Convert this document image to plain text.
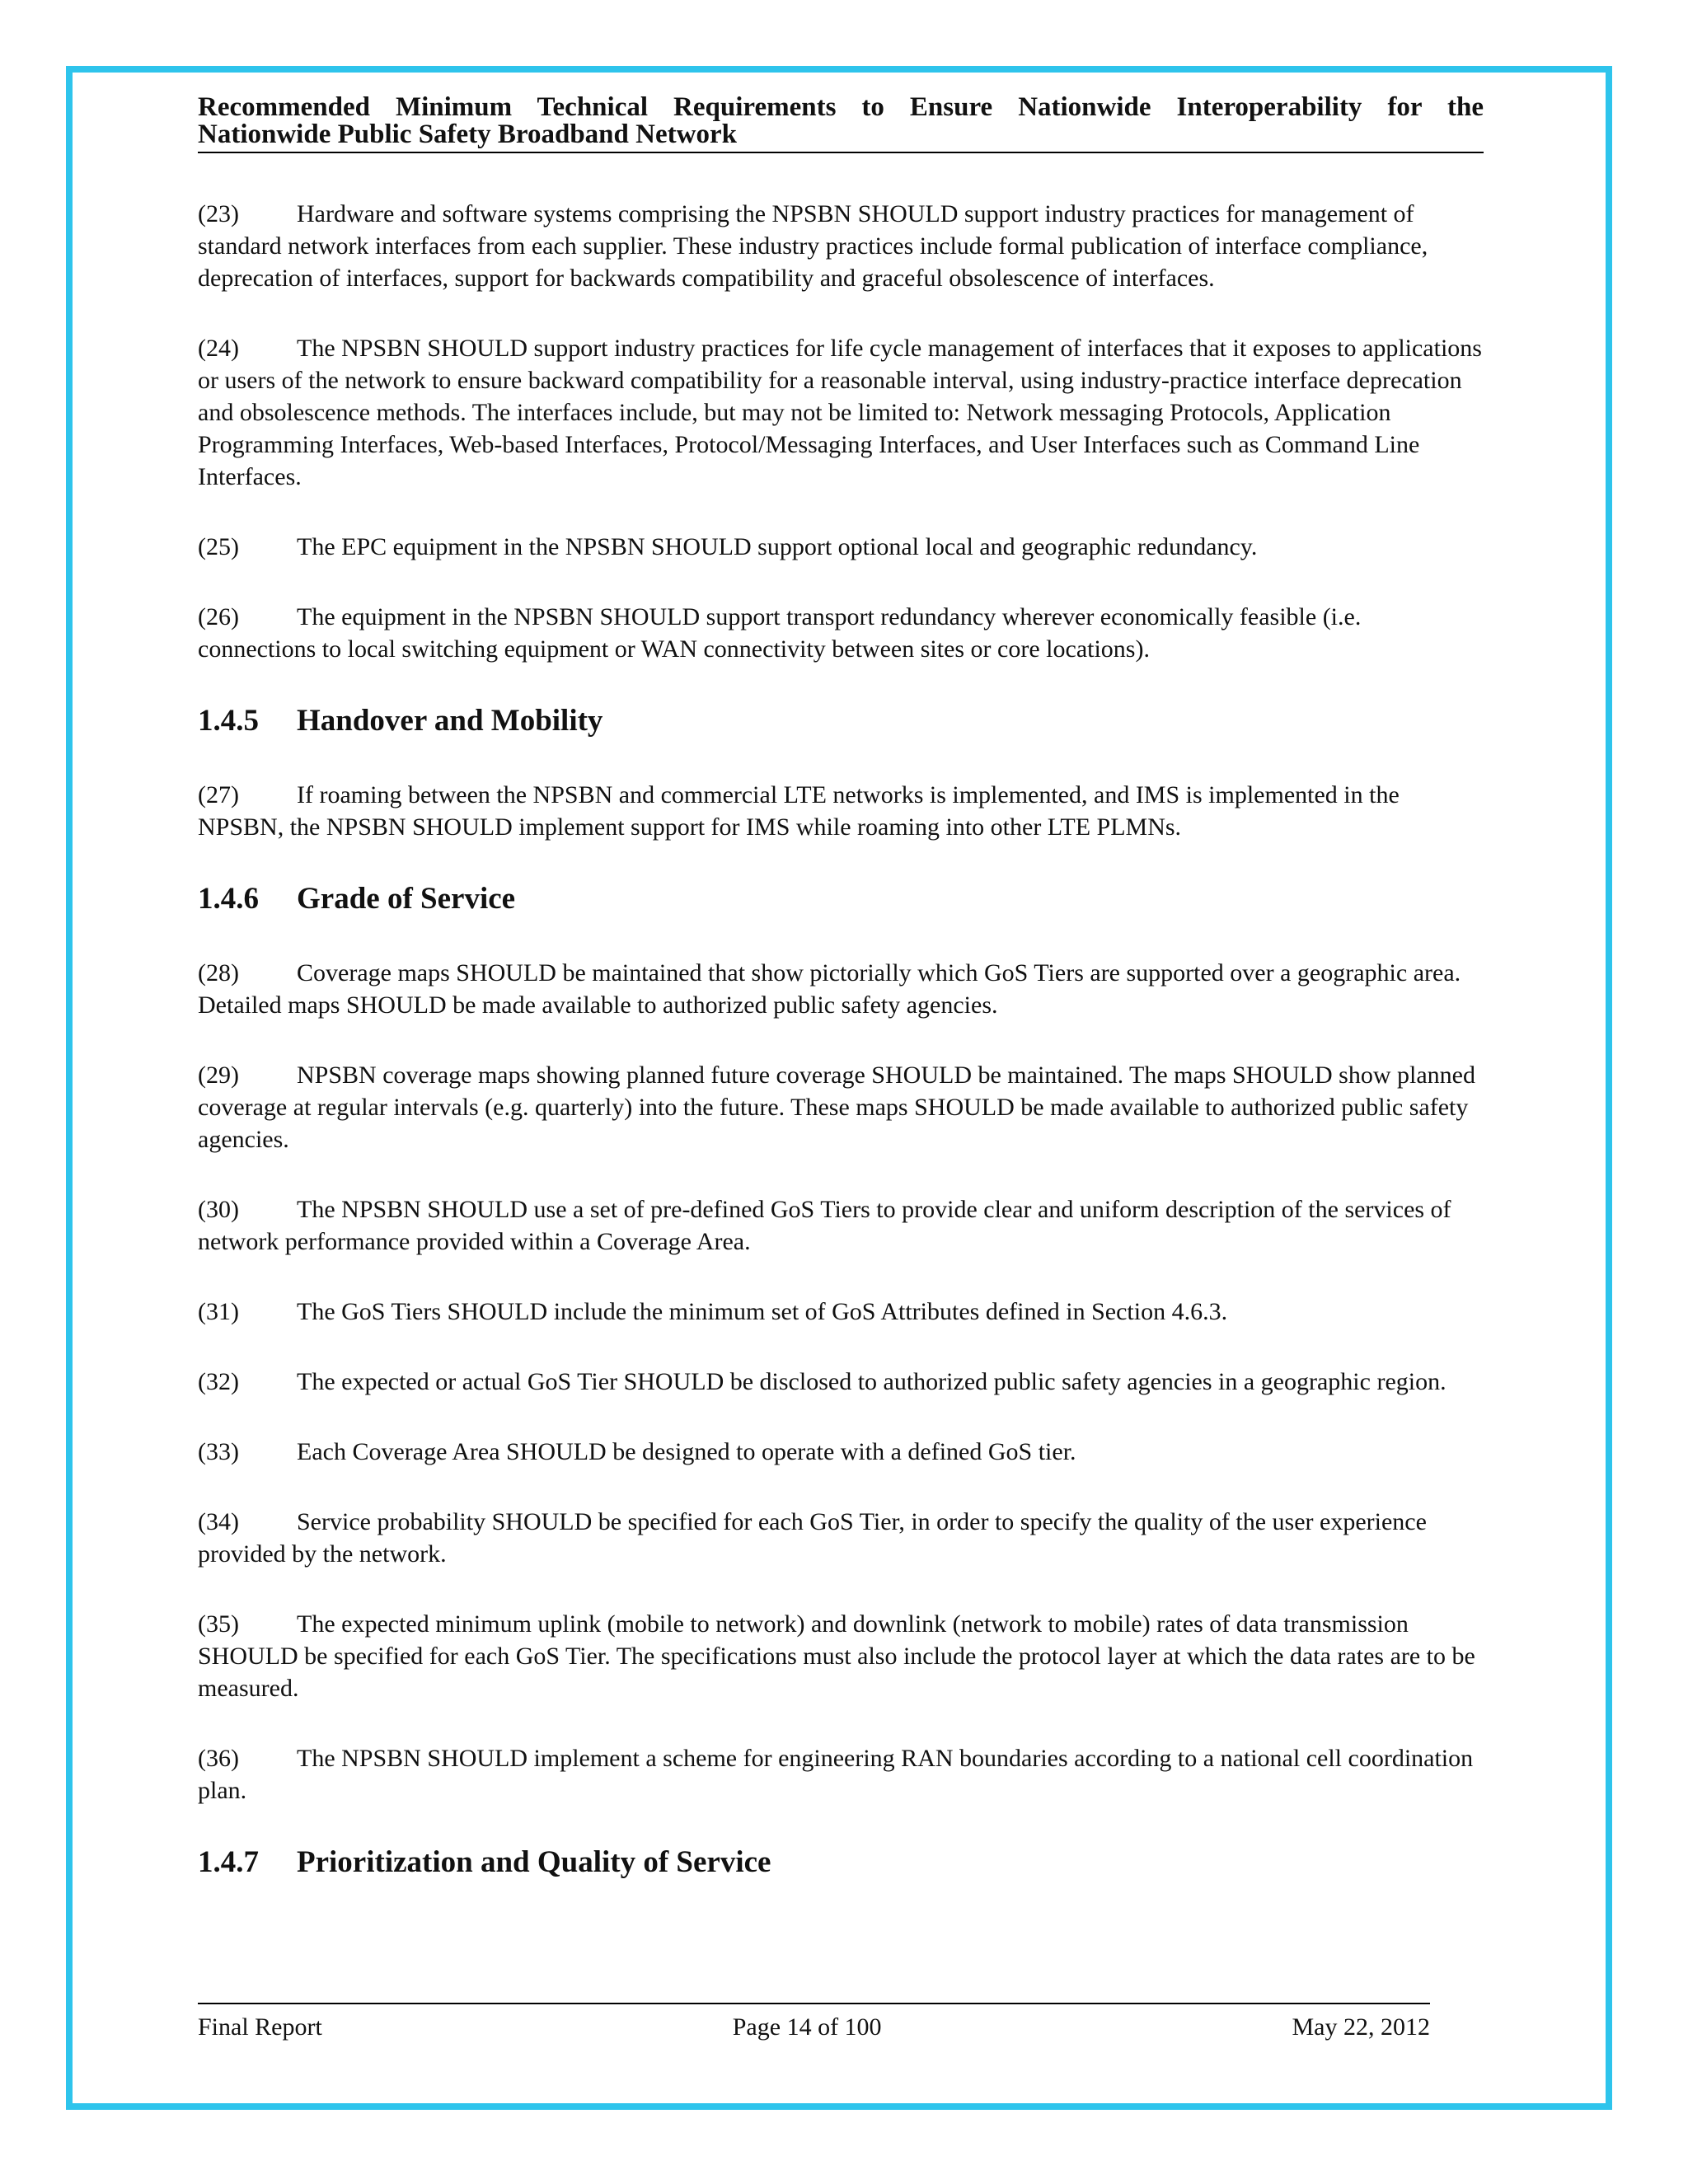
Recommended Minimum Technical Requirements to Ensure Nationwide Interoperability for the
Nationwide Public Safety Broadband Network

(23) Hardware and software systems comprising the NPSBN SHOULD support industry practices for management of standard network interfaces from each supplier. These industry practices include formal publication of interface compliance, deprecation of interfaces, support for backwards compatibility and graceful obsolescence of interfaces.

(24) The NPSBN SHOULD support industry practices for life cycle management of interfaces that it exposes to applications or users of the network to ensure backward compatibility for a reasonable interval, using industry-practice interface deprecation and obsolescence methods. The interfaces include, but may not be limited to: Network messaging Protocols, Application Programming Interfaces, Web-based Interfaces, Protocol/Messaging Interfaces, and User Interfaces such as Command Line Interfaces.

(25) The EPC equipment in the NPSBN SHOULD support optional local and geographic redundancy.

(26) The equipment in the NPSBN SHOULD support transport redundancy wherever economically feasible (i.e. connections to local switching equipment or WAN connectivity between sites or core locations).

1.4.5 Handover and Mobility

(27) If roaming between the NPSBN and commercial LTE networks is implemented, and IMS is implemented in the NPSBN, the NPSBN SHOULD implement support for IMS while roaming into other LTE PLMNs.

1.4.6 Grade of Service

(28) Coverage maps SHOULD be maintained that show pictorially which GoS Tiers are supported over a geographic area. Detailed maps SHOULD be made available to authorized public safety agencies.

(29) NPSBN coverage maps showing planned future coverage SHOULD be maintained. The maps SHOULD show planned coverage at regular intervals (e.g. quarterly) into the future. These maps SHOULD be made available to authorized public safety agencies.

(30) The NPSBN SHOULD use a set of pre-defined GoS Tiers to provide clear and uniform description of the services of network performance provided within a Coverage Area.

(31) The GoS Tiers SHOULD include the minimum set of GoS Attributes defined in Section 4.6.3.

(32) The expected or actual GoS Tier SHOULD be disclosed to authorized public safety agencies in a geographic region.

(33) Each Coverage Area SHOULD be designed to operate with a defined GoS tier.

(34) Service probability SHOULD be specified for each GoS Tier, in order to specify the quality of the user experience provided by the network.

(35) The expected minimum uplink (mobile to network) and downlink (network to mobile) rates of data transmission SHOULD be specified for each GoS Tier. The specifications must also include the protocol layer at which the data rates are to be measured.

(36) The NPSBN SHOULD implement a scheme for engineering RAN boundaries according to a national cell coordination plan.

1.4.7 Prioritization and Quality of Service
Final Report	Page 14 of 100	May 22, 2012
